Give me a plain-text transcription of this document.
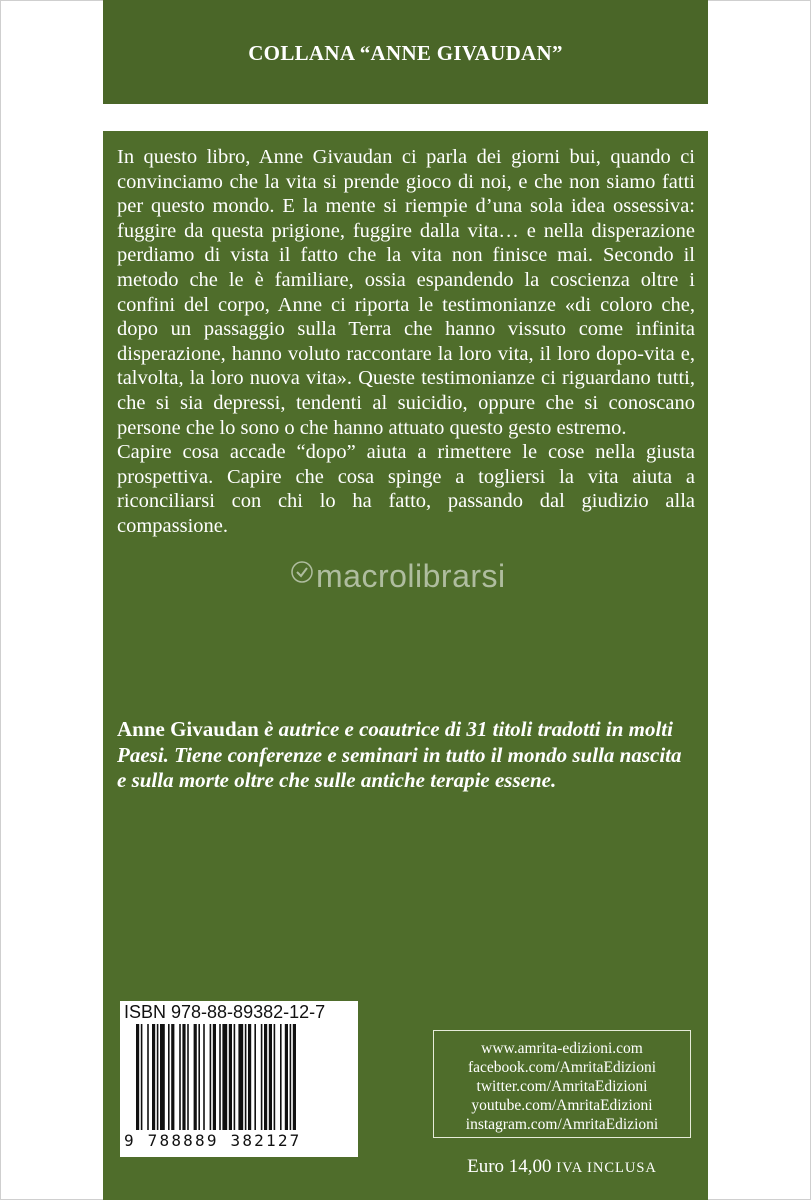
COLLANA “ANNE GIVAUDAN”

In questo libro, Anne Givaudan ci parla dei giorni bui, quando ci convinciamo che la vita si prende gioco di noi, e che non siamo fatti per questo mondo. E la mente si riempie d’una sola idea ossessiva: fuggire da questa prigione, fuggire dalla vita… e nella disperazione perdiamo di vista il fatto che la vita non finisce mai. Secondo il metodo che le è familiare, ossia espandendo la coscienza oltre i confini del corpo, Anne ci riporta le testimonianze «di coloro che, dopo un passaggio sulla Terra che hanno vissuto come infinita disperazione, hanno voluto raccontare la loro vita, il loro dopo-vita e, talvolta, la loro nuova vita». Queste testimonianze ci riguardano tutti, che si sia depressi, tendenti al suicidio, oppure che si conoscano persone che lo sono o che hanno attuato questo gesto estremo.

Capire cosa accade “dopo” aiuta a rimettere le cose nella giusta prospettiva. Capire che cosa spinge a togliersi la vita aiuta a riconciliarsi con chi lo ha fatto, passando dal giudizio alla compassione.

macrolibrarsi
Anne Givaudan è autrice e coautrice di 31 titoli tradotti in molti Paesi. Tiene conferenze e seminari in tutto il mondo sulla nascita e sulla morte oltre che sulle antiche terapie essene.
ISBN 978-88-89382-12-7
9 788889 382127
www.amrita-edizioni.com
facebook.com/AmritaEdizioni
twitter.com/AmritaEdizioni
youtube.com/AmritaEdizioni
instagram.com/AmritaEdizioni
Euro 14,00 IVA INCLUSA
